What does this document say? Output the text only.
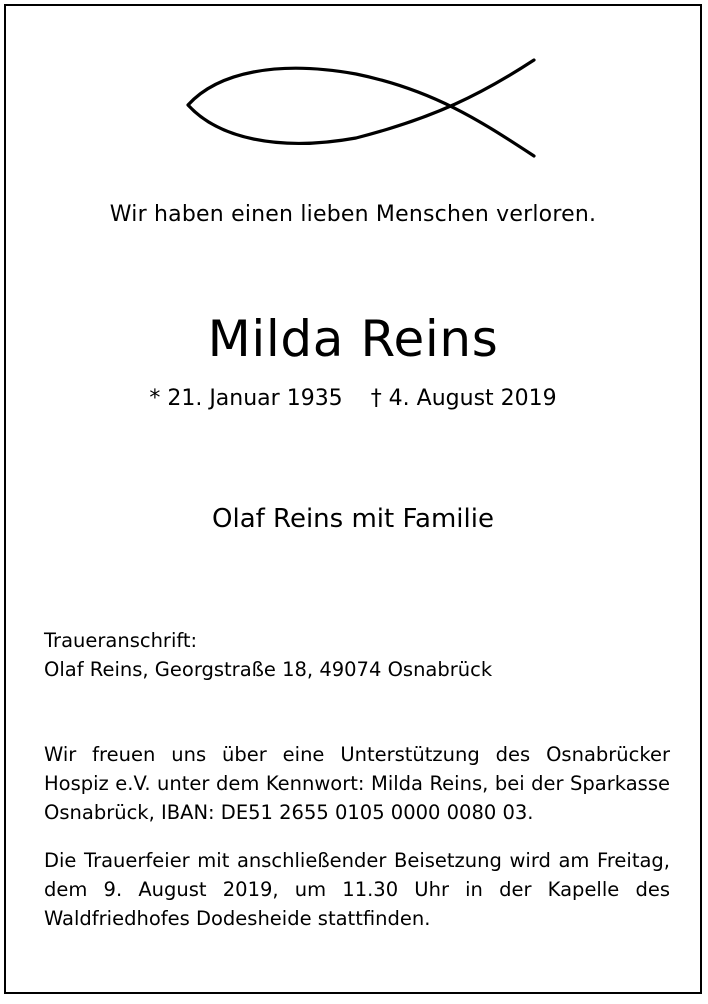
Wir haben einen lieben Menschen verloren.
Milda Reins
* 21. Januar 1935 † 4. August 2019
Olaf Reins mit Familie
Traueranschrift:
Olaf Reins, Georgstraße 18, 49074 Osnabrück
Wir freuen uns über eine Unterstützung des Osnabrücker Hospiz e.V. unter dem Kennwort: Milda Reins, bei der Sparkasse Osnabrück, IBAN: DE51 2655 0105 0000 0080 03.
Die Trauerfeier mit anschließender Beisetzung wird am Freitag, dem 9. August 2019, um 11.30 Uhr in der Kapelle des Waldfriedhofes Dodesheide stattfinden.
